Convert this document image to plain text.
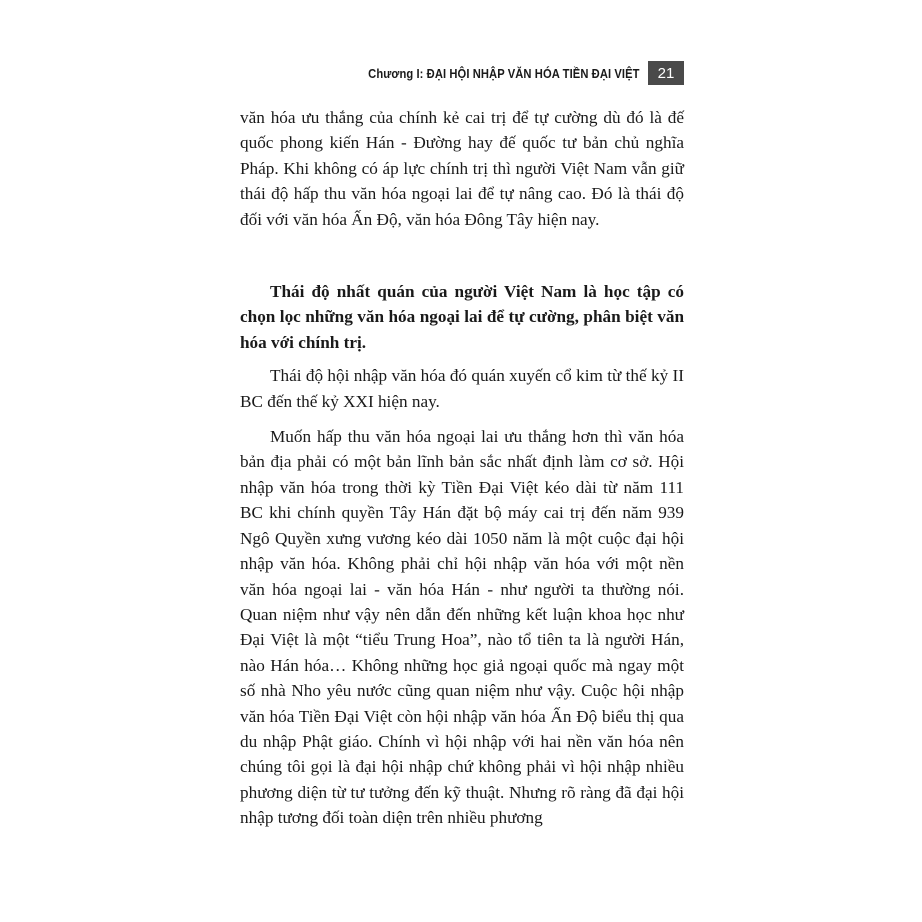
Chương I: ĐẠI HỘI NHẬP VĂN HÓA TIỀN ĐẠI VIỆT	21

văn hóa ưu thắng của chính kẻ cai trị để tự cường dù đó là đế quốc phong kiến Hán - Đường hay đế quốc tư bản chủ nghĩa Pháp. Khi không có áp lực chính trị thì người Việt Nam vẫn giữ thái độ hấp thu văn hóa ngoại lai để tự nâng cao. Đó là thái độ đối với văn hóa Ấn Độ, văn hóa Đông Tây hiện nay.

Thái độ nhất quán của người Việt Nam là học tập có chọn lọc những văn hóa ngoại lai để tự cường, phân biệt văn hóa với chính trị.

Thái độ hội nhập văn hóa đó quán xuyến cổ kim từ thế kỷ II BC đến thế kỷ XXI hiện nay.

Muốn hấp thu văn hóa ngoại lai ưu thắng hơn thì văn hóa bản địa phải có một bản lĩnh bản sắc nhất định làm cơ sở. Hội nhập văn hóa trong thời kỳ Tiền Đại Việt kéo dài từ năm 111 BC khi chính quyền Tây Hán đặt bộ máy cai trị đến năm 939 Ngô Quyền xưng vương kéo dài 1050 năm là một cuộc đại hội nhập văn hóa. Không phải chỉ hội nhập văn hóa với một nền văn hóa ngoại lai - văn hóa Hán - như người ta thường nói. Quan niệm như vậy nên dẫn đến những kết luận khoa học như Đại Việt là một “tiểu Trung Hoa”, nào tổ tiên ta là người Hán, nào Hán hóa… Không những học giả ngoại quốc mà ngay một số nhà Nho yêu nước cũng quan niệm như vậy. Cuộc hội nhập văn hóa Tiền Đại Việt còn hội nhập văn hóa Ấn Độ biểu thị qua du nhập Phật giáo. Chính vì hội nhập với hai nền văn hóa nên chúng tôi gọi là đại hội nhập chứ không phải vì hội nhập nhiều phương diện từ tư tưởng đến kỹ thuật. Nhưng rõ ràng đã đại hội nhập tương đối toàn diện trên nhiều phương
